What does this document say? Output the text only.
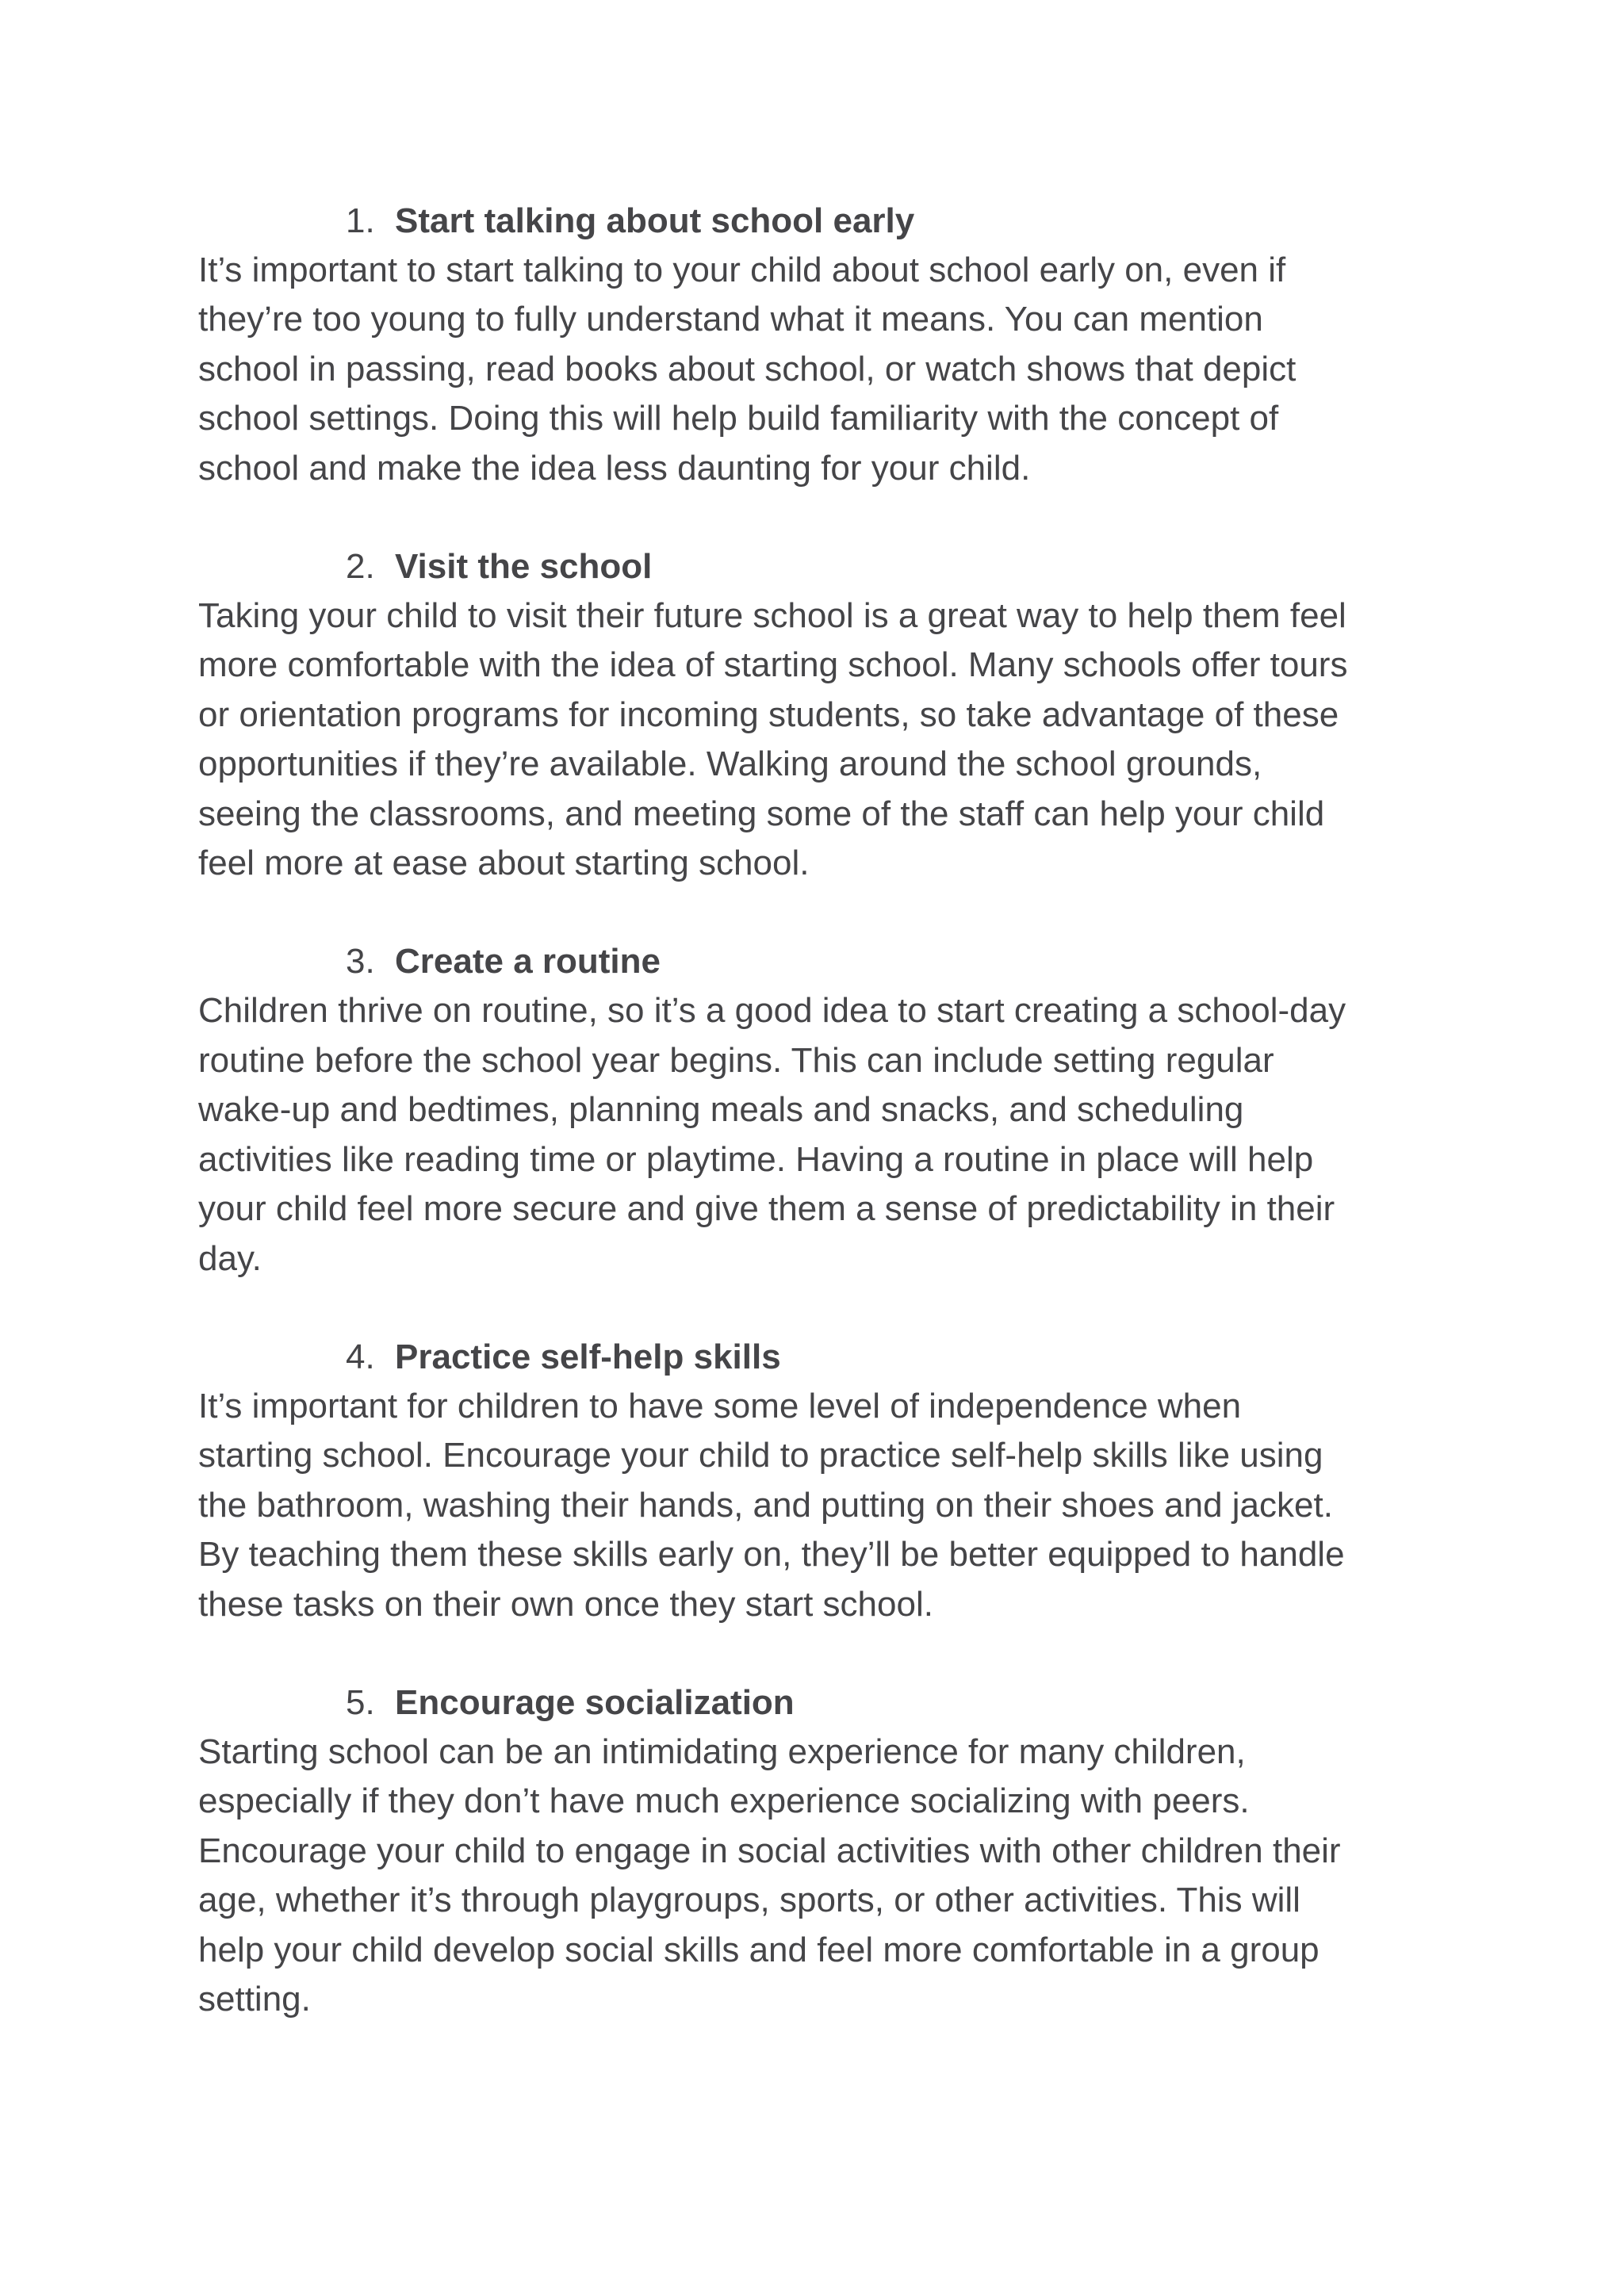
1. Start talking about school early

It’s important to start talking to your child about school early on, even if
they’re too young to fully understand what it means. You can mention
school in passing, read books about school, or watch shows that depict
school settings. Doing this will help build familiarity with the concept of
school and make the idea less daunting for your child.

2. Visit the school

Taking your child to visit their future school is a great way to help them feel
more comfortable with the idea of starting school. Many schools offer tours
or orientation programs for incoming students, so take advantage of these
opportunities if they’re available. Walking around the school grounds,
seeing the classrooms, and meeting some of the staff can help your child
feel more at ease about starting school.

3. Create a routine

Children thrive on routine, so it’s a good idea to start creating a school-day
routine before the school year begins. This can include setting regular
wake-up and bedtimes, planning meals and snacks, and scheduling
activities like reading time or playtime. Having a routine in place will help
your child feel more secure and give them a sense of predictability in their
day.

4. Practice self-help skills

It’s important for children to have some level of independence when
starting school. Encourage your child to practice self-help skills like using
the bathroom, washing their hands, and putting on their shoes and jacket.
By teaching them these skills early on, they’ll be better equipped to handle
these tasks on their own once they start school.

5. Encourage socialization

Starting school can be an intimidating experience for many children,
especially if they don’t have much experience socializing with peers.
Encourage your child to engage in social activities with other children their
age, whether it’s through playgroups, sports, or other activities. This will
help your child develop social skills and feel more comfortable in a group
setting.
